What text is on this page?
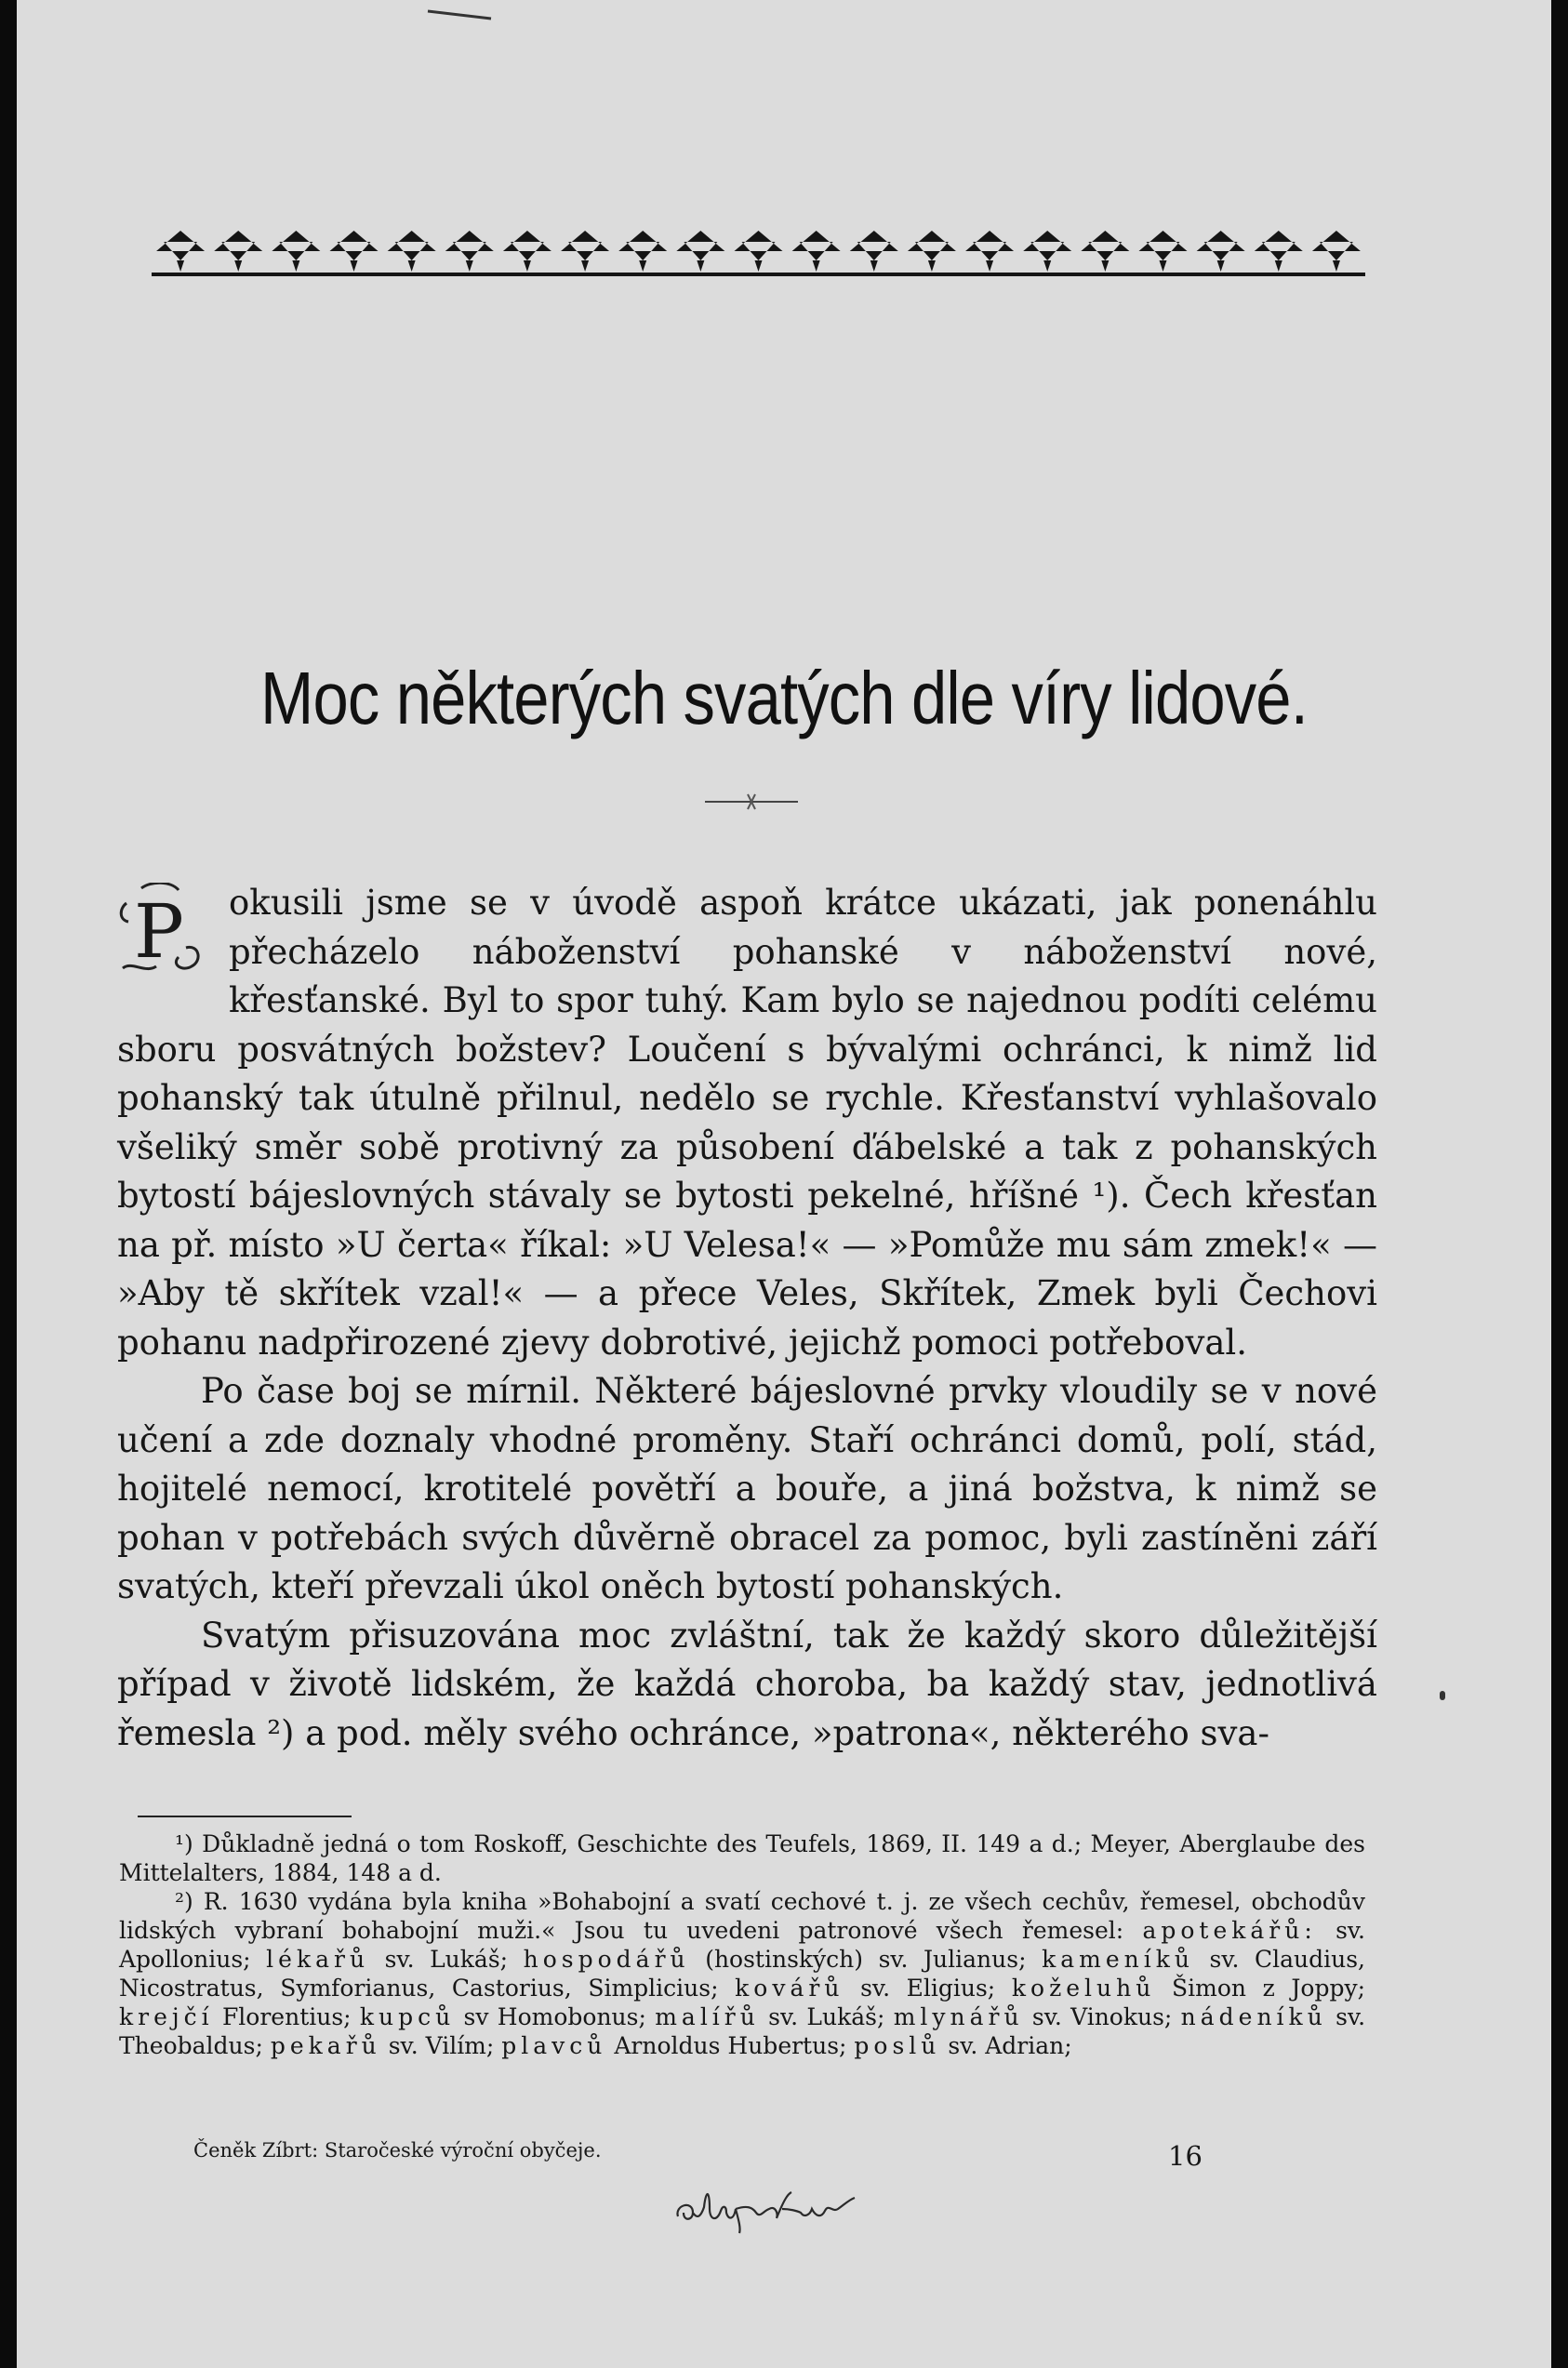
Moc některých svatých dle víry lidové.

P okusili jsme se v úvodě aspoň krátce ukázati, jak ponenáhlu přecházelo náboženství pohanské v náboženství nové, křesťanské. Byl to spor tuhý. Kam bylo se najednou podíti celému sboru posvátných božstev? Loučení s bývalými ochránci, k nimž lid pohanský tak útulně přilnul, nedělo se rychle. Křesťanství vyhlašovalo všeliký směr sobě protivný za působení ďábelské a tak z pohanských bytostí bájeslovných stávaly se bytosti pekelné, hříšné ¹). Čech křesťan na př. místo »U čerta« říkal: »U Velesa!« — »Pomůže mu sám zmek!« — »Aby tě skřítek vzal!« — a přece Veles, Skřítek, Zmek byli Čechovi pohanu nadpřirozené zjevy dobrotivé, jejichž pomoci potřeboval.

Po čase boj se mírnil. Některé bájeslovné prvky vloudily se v nové učení a zde doznaly vhodné proměny. Staří ochránci domů, polí, stád, hojitelé nemocí, krotitelé povětří a bouře, a jiná božstva, k nimž se pohan v potřebách svých důvěrně obracel za pomoc, byli zastíněni září svatých, kteří převzali úkol oněch bytostí pohanských.

Svatým přisuzována moc zvláštní, tak že každý skoro důležitější případ v životě lidském, že každá choroba, ba každý stav, jednotlivá řemesla ²) a pod. měly svého ochránce, »patrona«, některého sva-

¹) Důkladně jedná o tom Roskoff, Geschichte des Teufels, 1869, II. 149 a d.; Meyer, Aberglaube des Mittelalters, 1884, 148 a d.

²) R. 1630 vydána byla kniha »Bohabojní a svatí cechové t. j. ze všech cechův, řemesel, obchodův lidských vybraní bohabojní muži.« Jsou tu uvedeni patronové všech řemesel: apotekářů: sv. Apollonius; lékařů sv. Lukáš; hospodářů (hostinských) sv. Julianus; kameníků sv. Claudius, Nicostratus, Symforianus, Castorius, Simplicius; kovářů sv. Eligius; koželuhů Šimon z Joppy; krejčí Florentius; kupců sv Homobonus; malířů sv. Lukáš; mlynářů sv. Vinokus; nádeníků sv. Theobaldus; pekařů sv. Vilím; plavců Arnoldus Hubertus; poslů sv. Adrian;

Čeněk Zíbrt: Staročeské výroční obyčeje.	16
